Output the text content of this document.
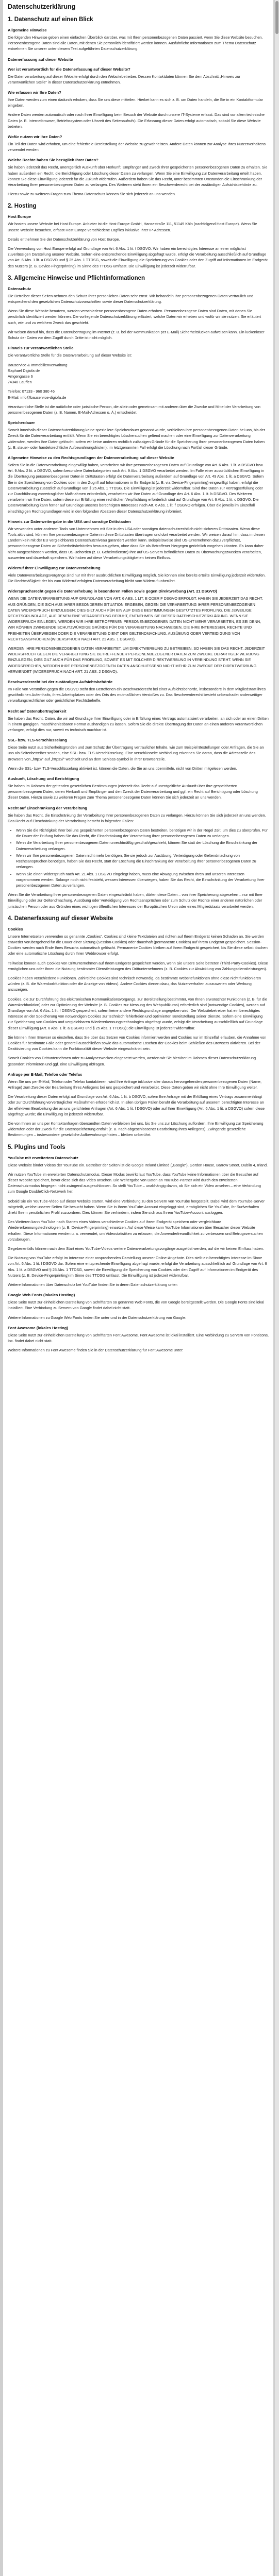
Datenschutzerklärung
1. Datenschutz auf einen Blick
Allgemeine Hinweise
Die folgenden Hinweise geben einen einfachen Überblick darüber, was mit Ihren personenbezogenen Daten passiert, wenn Sie diese Website besuchen. Personenbezogene Daten sind alle Daten, mit denen Sie persönlich identifiziert werden können. Ausführliche Informationen zum Thema Datenschutz entnehmen Sie unserer unter diesem Text aufgeführten Datenschutzerklärung.
Datenerfassung auf dieser Website
Wer ist verantwortlich für die Datenerfassung auf dieser Website?
Die Datenverarbeitung auf dieser Website erfolgt durch den Websitebetreiber. Dessen Kontaktdaten können Sie dem Abschnitt „Hinweis zur verantwortlichen Stelle“ in dieser Datenschutzerklärung entnehmen.
Wie erfassen wir Ihre Daten?
Ihre Daten werden zum einen dadurch erhoben, dass Sie uns diese mitteilen. Hierbei kann es sich z. B. um Daten handeln, die Sie in ein Kontaktformular eingeben.
Andere Daten werden automatisch oder nach Ihrer Einwilligung beim Besuch der Website durch unsere IT-Systeme erfasst. Das sind vor allem technische Daten (z. B. Internetbrowser, Betriebssystem oder Uhrzeit des Seitenaufrufs). Die Erfassung dieser Daten erfolgt automatisch, sobald Sie diese Website betreten.
Wofür nutzen wir Ihre Daten?
Ein Teil der Daten wird erhoben, um eine fehlerfreie Bereitstellung der Website zu gewährleisten. Andere Daten können zur Analyse Ihres Nutzerverhaltens verwendet werden.
Welche Rechte haben Sie bezüglich Ihrer Daten?
Sie haben jederzeit das Recht, unentgeltlich Auskunft über Herkunft, Empfänger und Zweck Ihrer gespeicherten personenbezogenen Daten zu erhalten. Sie haben außerdem ein Recht, die Berichtigung oder Löschung dieser Daten zu verlangen. Wenn Sie eine Einwilligung zur Datenverarbeitung erteilt haben, können Sie diese Einwilligung jederzeit für die Zukunft widerrufen. Außerdem haben Sie das Recht, unter bestimmten Umständen die Einschränkung der Verarbeitung Ihrer personenbezogenen Daten zu verlangen. Des Weiteren steht Ihnen ein Beschwerderecht bei der zuständigen Aufsichtsbehörde zu.
Hierzu sowie zu weiteren Fragen zum Thema Datenschutz können Sie sich jederzeit an uns wenden.
2. Hosting
Host Europe
Wir hosten unsere Website bei Host Europe. Anbieter ist die Host Europe GmbH, Hansestraße 111, 51149 Köln (nachfolgend Host Europe). Wenn Sie unsere Website besuchen, erfasst Host Europe verschiedene Logfiles inklusive Ihrer IP-Adressen.
Details entnehmen Sie der Datenschutzerklärung von Host Europe.
Die Verwendung von Host Europe erfolgt auf Grundlage von Art. 6 Abs. 1 lit. f DSGVO. Wir haben ein berechtigtes Interesse an einer möglichst zuverlässigen Darstellung unserer Website. Sofern eine entsprechende Einwilligung abgefragt wurde, erfolgt die Verarbeitung ausschließlich auf Grundlage von Art. 6 Abs. 1 lit. a DSGVO und § 25 Abs. 1 TTDSG, soweit die Einwilligung die Speicherung von Cookies oder den Zugriff auf Informationen im Endgerät des Nutzers (z. B. Device-Fingerprinting) im Sinne des TTDSG umfasst. Die Einwilligung ist jederzeit widerrufbar.
3. Allgemeine Hinweise und Pflichtinformationen
Datenschutz
Die Betreiber dieser Seiten nehmen den Schutz Ihrer persönlichen Daten sehr ernst. Wir behandeln Ihre personenbezogenen Daten vertraulich und entsprechend den gesetzlichen Datenschutzvorschriften sowie dieser Datenschutzerklärung.
Wenn Sie diese Website benutzen, werden verschiedene personenbezogene Daten erhoben. Personenbezogene Daten sind Daten, mit denen Sie persönlich identifiziert werden können. Die vorliegende Datenschutzerklärung erläutert, welche Daten wir erheben und wofür wir sie nutzen. Sie erläutert auch, wie und zu welchem Zweck das geschieht.
Wir weisen darauf hin, dass die Datenübertragung im Internet (z. B. bei der Kommunikation per E-Mail) Sicherheitslücken aufweisen kann. Ein lückenloser Schutz der Daten vor dem Zugriff durch Dritte ist nicht möglich.
Hinweis zur verantwortlichen Stelle
Die verantwortliche Stelle für die Datenverarbeitung auf dieser Website ist:
Bauservice & Immobilienverwaltung
Raphael Digiofa de
Amgengasse 6
74348 Lauffen
Telefon: 07133 - 960 380 46
E-Mail: info@bauservice-digiofa.de
Verantwortliche Stelle ist die natürliche oder juristische Person, die allein oder gemeinsam mit anderen über die Zwecke und Mittel der Verarbeitung von personenbezogenen Daten (z. B. Namen, E-Mail-Adressen o. Ä.) entscheidet.
Speicherdauer
Soweit innerhalb dieser Datenschutzerklärung keine speziellere Speicherdauer genannt wurde, verbleiben Ihre personenbezogenen Daten bei uns, bis der Zweck für die Datenverarbeitung entfällt. Wenn Sie ein berechtigtes Löschersuchen geltend machen oder eine Einwilligung zur Datenverarbeitung widerrufen, werden Ihre Daten gelöscht, sofern wir keine anderen rechtlich zulässigen Gründe für die Speicherung Ihrer personenbezogenen Daten haben (z. B. steuer- oder handelsrechtliche Aufbewahrungsfristen); im letztgenannten Fall erfolgt die Löschung nach Fortfall dieser Gründe.
Allgemeine Hinweise zu den Rechtsgrundlagen der Datenverarbeitung auf dieser Website
Sofern Sie in die Datenverarbeitung eingewilligt haben, verarbeiten wir Ihre personenbezogenen Daten auf Grundlage von Art. 6 Abs. 1 lit. a DSGVO bzw. Art. 9 Abs. 2 lit. a DSGVO, sofern besondere Datenkategorien nach Art. 9 Abs. 1 DSGVO verarbeitet werden. Im Falle einer ausdrücklichen Einwilligung in die Übertragung personenbezogener Daten in Drittstaaten erfolgt die Datenverarbeitung außerdem auf Grundlage von Art. 49 Abs. 1 lit. a DSGVO. Sofern Sie in die Speicherung von Cookies oder in den Zugriff auf Informationen in Ihr Endgerät (z. B. via Device-Fingerprinting) eingewilligt haben, erfolgt die Datenverarbeitung zusätzlich auf Grundlage von § 25 Abs. 1 TTDSG. Die Einwilligung ist jederzeit widerrufbar. Sind Ihre Daten zur Vertragserfüllung oder zur Durchführung vorvertraglicher Maßnahmen erforderlich, verarbeiten wir Ihre Daten auf Grundlage des Art. 6 Abs. 1 lit. b DSGVO. Des Weiteren verarbeiten wir Ihre Daten, sofern diese zur Erfüllung einer rechtlichen Verpflichtung erforderlich sind auf Grundlage von Art. 6 Abs. 1 lit. c DSGVO. Die Datenverarbeitung kann ferner auf Grundlage unseres berechtigten Interesses nach Art. 6 Abs. 1 lit. f DSGVO erfolgen. Über die jeweils im Einzelfall einschlägigen Rechtsgrundlagen wird in den folgenden Absätzen dieser Datenschutzerklärung informiert.
Hinweis zur Datenweitergabe in die USA und sonstige Drittstaaten
Wir verwenden unter anderem Tools von Unternehmen mit Sitz in den USA oder sonstigen datenschutzrechtlich nicht sicheren Drittstaaten. Wenn diese Tools aktiv sind, können Ihre personenbezogene Daten in diese Drittstaaten übertragen und dort verarbeitet werden. Wir weisen darauf hin, dass in diesen Ländern kein mit der EU vergleichbares Datenschutzniveau garantiert werden kann. Beispielsweise sind US-Unternehmen dazu verpflichtet, personenbezogene Daten an Sicherheitsbehörden herauszugeben, ohne dass Sie als Betroffener hiergegen gerichtlich vorgehen könnten. Es kann daher nicht ausgeschlossen werden, dass US-Behörden (z. B. Geheimdienste) Ihre auf US-Servern befindlichen Daten zu Überwachungszwecken verarbeiten, auswerten und dauerhaft speichern. Wir haben auf diese Verarbeitungstätigkeiten keinen Einfluss.
Widerruf Ihrer Einwilligung zur Datenverarbeitung
Viele Datenverarbeitungsvorgänge sind nur mit Ihrer ausdrücklichen Einwilligung möglich. Sie können eine bereits erteilte Einwilligung jederzeit widerrufen. Die Rechtmäßigkeit der bis zum Widerruf erfolgten Datenverarbeitung bleibt vom Widerruf unberührt.
Widerspruchsrecht gegen die Datenerhebung in besonderen Fällen sowie gegen Direktwerbung (Art. 21 DSGVO)
WENN DIE DATENVERARBEITUNG AUF GRUNDLAGE VON ART. 6 ABS. 1 LIT. E ODER F DSGVO ERFOLGT, HABEN SIE JEDERZEIT DAS RECHT, AUS GRÜNDEN, DIE SICH AUS IHRER BESONDEREN SITUATION ERGEBEN, GEGEN DIE VERARBEITUNG IHRER PERSONENBEZOGENEN DATEN WIDERSPRUCH EINZULEGEN; DIES GILT AUCH FÜR EIN AUF DIESE BESTIMMUNGEN GESTÜTZTES PROFILING. DIE JEWEILIGE RECHTSGRUNDLAGE, AUF DENEN EINE VERARBEITUNG BERUHT, ENTNEHMEN SIE DIESER DATENSCHUTZERKLÄRUNG. WENN SIE WIDERSPRUCH EINLEGEN, WERDEN WIR IHRE BETROFFENEN PERSONENBEZOGENEN DATEN NICHT MEHR VERARBEITEN, ES SEI DENN, WIR KÖNNEN ZWINGENDE SCHUTZWÜRDIGE GRÜNDE FÜR DIE VERARBEITUNG NACHWEISEN, DIE IHRE INTERESSEN, RECHTE UND FREIHEITEN ÜBERWIEGEN ODER DIE VERARBEITUNG DIENT DER GELTENDMACHUNG, AUSÜBUNG ODER VERTEIDIGUNG VON RECHTSANSPRÜCHEN (WIDERSPRUCH NACH ART. 21 ABS. 1 DSGVO).
WERDEN IHRE PERSONENBEZOGENEN DATEN VERARBEITET, UM DIREKTWERBUNG ZU BETREIBEN, SO HABEN SIE DAS RECHT, JEDERZEIT WIDERSPRUCH GEGEN DIE VERARBEITUNG SIE BETREFFENDER PERSONENBEZOGENER DATEN ZUM ZWECKE DERARTIGER WERBUNG EINZULEGEN; DIES GILT AUCH FÜR DAS PROFILING, SOWEIT ES MIT SOLCHER DIREKTWERBUNG IN VERBINDUNG STEHT. WENN SIE WIDERSPRECHEN, WERDEN IHRE PERSONENBEZOGENEN DATEN ANSCHLIESSEND NICHT MEHR ZUM ZWECKE DER DIREKTWERBUNG VERWENDET (WIDERSPRUCH NACH ART. 21 ABS. 2 DSGVO).
Beschwerderecht bei der zuständigen Aufsichtsbehörde
Im Falle von Verstößen gegen die DSGVO steht den Betroffenen ein Beschwerderecht bei einer Aufsichtsbehörde, insbesondere in dem Mitgliedstaat ihres gewöhnlichen Aufenthalts, ihres Arbeitsplatzes oder des Orts des mutmaßlichen Verstoßes zu. Das Beschwerderecht besteht unbeschadet anderweitiger verwaltungsrechtlicher oder gerichtlicher Rechtsbehelfe.
Recht auf Datenübertragbarkeit
Sie haben das Recht, Daten, die wir auf Grundlage Ihrer Einwilligung oder in Erfüllung eines Vertrags automatisiert verarbeiten, an sich oder an einen Dritten in einem gängigen, maschinenlesbaren Format aushändigen zu lassen. Sofern Sie die direkte Übertragung der Daten an einen anderen Verantwortlichen verlangen, erfolgt dies nur, soweit es technisch machbar ist.
SSL- bzw. TLS-Verschlüsselung
Diese Seite nutzt aus Sicherheitsgründen und zum Schutz der Übertragung vertraulicher Inhalte, wie zum Beispiel Bestellungen oder Anfragen, die Sie an uns als Seitenbetreiber senden, eine SSL- bzw. TLS-Verschlüsselung. Eine verschlüsselte Verbindung erkennen Sie daran, dass die Adresszeile des Browsers von „http://“ auf „https://“ wechselt und an dem Schloss-Symbol in Ihrer Browserzeile.
Wenn die SSL- bzw. TLS-Verschlüsselung aktiviert ist, können die Daten, die Sie an uns übermitteln, nicht von Dritten mitgelesen werden.
Auskunft, Löschung und Berichtigung
Sie haben im Rahmen der geltenden gesetzlichen Bestimmungen jederzeit das Recht auf unentgeltliche Auskunft über Ihre gespeicherten personenbezogenen Daten, deren Herkunft und Empfänger und den Zweck der Datenverarbeitung und ggf. ein Recht auf Berichtigung oder Löschung dieser Daten. Hierzu sowie zu weiteren Fragen zum Thema personenbezogene Daten können Sie sich jederzeit an uns wenden.
Recht auf Einschränkung der Verarbeitung
Sie haben das Recht, die Einschränkung der Verarbeitung Ihrer personenbezogenen Daten zu verlangen. Hierzu können Sie sich jederzeit an uns wenden. Das Recht auf Einschränkung der Verarbeitung besteht in folgenden Fällen:
• Wenn Sie die Richtigkeit Ihrer bei uns gespeicherten personenbezogenen Daten bestreiten, benötigen wir in der Regel Zeit, um dies zu überprüfen. Für die Dauer der Prüfung haben Sie das Recht, die Einschränkung der Verarbeitung Ihrer personenbezogenen Daten zu verlangen.
• Wenn die Verarbeitung Ihrer personenbezogenen Daten unrechtmäßig geschah/geschieht, können Sie statt der Löschung die Einschränkung der Datenverarbeitung verlangen.
• Wenn wir Ihre personenbezogenen Daten nicht mehr benötigen, Sie sie jedoch zur Ausübung, Verteidigung oder Geltendmachung von Rechtsansprüchen benötigen, haben Sie das Recht, statt der Löschung die Einschränkung der Verarbeitung Ihrer personenbezogenen Daten zu verlangen.
• Wenn Sie einen Widerspruch nach Art. 21 Abs. 1 DSGVO eingelegt haben, muss eine Abwägung zwischen Ihren und unseren Interessen vorgenommen werden. Solange noch nicht feststeht, wessen Interessen überwiegen, haben Sie das Recht, die Einschränkung der Verarbeitung Ihrer personenbezogenen Daten zu verlangen.
Wenn Sie die Verarbeitung Ihrer personenbezogenen Daten eingeschränkt haben, dürfen diese Daten – von ihrer Speicherung abgesehen – nur mit Ihrer Einwilligung oder zur Geltendmachung, Ausübung oder Verteidigung von Rechtsansprüchen oder zum Schutz der Rechte einer anderen natürlichen oder juristischen Person oder aus Gründen eines wichtigen öffentlichen Interesses der Europäischen Union oder eines Mitgliedstaats verarbeitet werden.
4. Datenerfassung auf dieser Website
Cookies
Unsere Internetseiten verwenden so genannte „Cookies“. Cookies sind kleine Textdateien und richten auf Ihrem Endgerät keinen Schaden an. Sie werden entweder vorübergehend für die Dauer einer Sitzung (Session-Cookies) oder dauerhaft (permanente Cookies) auf Ihrem Endgerät gespeichert. Session-Cookies werden nach Ende Ihres Besuchs automatisch gelöscht. Permanente Cookies bleiben auf Ihrem Endgerät gespeichert, bis Sie diese selbst löschen oder eine automatische Löschung durch Ihren Webbrowser erfolgt.
Teilweise können auch Cookies von Drittunternehmen auf Ihrem Endgerät gespeichert werden, wenn Sie unsere Seite betreten (Third-Party-Cookies). Diese ermöglichen uns oder Ihnen die Nutzung bestimmter Dienstleistungen des Drittunternehmens (z. B. Cookies zur Abwicklung von Zahlungsdienstleistungen).
Cookies haben verschiedene Funktionen. Zahlreiche Cookies sind technisch notwendig, da bestimmte Websitefunktionen ohne diese nicht funktionieren würden (z. B. die Warenkorbfunktion oder die Anzeige von Videos). Andere Cookies dienen dazu, das Nutzerverhalten auszuwerten oder Werbung anzuzeigen.
Cookies, die zur Durchführung des elektronischen Kommunikationsvorgangs, zur Bereitstellung bestimmter, von Ihnen erwünschter Funktionen (z. B. für die Warenkorbfunktion) oder zur Optimierung der Website (z. B. Cookies zur Messung des Webpublikums) erforderlich sind (notwendige Cookies), werden auf Grundlage von Art. 6 Abs. 1 lit. f DSGVO gespeichert, sofern keine andere Rechtsgrundlage angegeben wird. Der Websitebetreiber hat ein berechtigtes Interesse an der Speicherung von notwendigen Cookies zur technisch fehlerfreien und optimierten Bereitstellung seiner Dienste. Sofern eine Einwilligung zur Speicherung von Cookies und vergleichbaren Wiedererkennungstechnologien abgefragt wurde, erfolgt die Verarbeitung ausschließlich auf Grundlage dieser Einwilligung (Art. 6 Abs. 1 lit. a DSGVO und § 25 Abs. 1 TTDSG); die Einwilligung ist jederzeit widerrufbar.
Sie können Ihren Browser so einstellen, dass Sie über das Setzen von Cookies informiert werden und Cookies nur im Einzelfall erlauben, die Annahme von Cookies für bestimmte Fälle oder generell ausschließen sowie das automatische Löschen der Cookies beim Schließen des Browsers aktivieren. Bei der Deaktivierung von Cookies kann die Funktionalität dieser Website eingeschränkt sein.
Soweit Cookies von Drittunternehmen oder zu Analysezwecken eingesetzt werden, werden wir Sie hierüber im Rahmen dieser Datenschutzerklärung gesondert informieren und ggf. eine Einwilligung abfragen.
Anfrage per E-Mail, Telefon oder Telefax
Wenn Sie uns per E-Mail, Telefon oder Telefax kontaktieren, wird Ihre Anfrage inklusive aller daraus hervorgehenden personenbezogenen Daten (Name, Anfrage) zum Zwecke der Bearbeitung Ihres Anliegens bei uns gespeichert und verarbeitet. Diese Daten geben wir nicht ohne Ihre Einwilligung weiter.
Die Verarbeitung dieser Daten erfolgt auf Grundlage von Art. 6 Abs. 1 lit. b DSGVO, sofern Ihre Anfrage mit der Erfüllung eines Vertrags zusammenhängt oder zur Durchführung vorvertraglicher Maßnahmen erforderlich ist. In allen übrigen Fällen beruht die Verarbeitung auf unserem berechtigten Interesse an der effektiven Bearbeitung der an uns gerichteten Anfragen (Art. 6 Abs. 1 lit. f DSGVO) oder auf Ihrer Einwilligung (Art. 6 Abs. 1 lit. a DSGVO) sofern diese abgefragt wurde; die Einwilligung ist jederzeit widerrufbar.
Die von Ihnen an uns per Kontaktanfragen übersandten Daten verbleiben bei uns, bis Sie uns zur Löschung auffordern, Ihre Einwilligung zur Speicherung widerrufen oder der Zweck für die Datenspeicherung entfällt (z. B. nach abgeschlossener Bearbeitung Ihres Anliegens). Zwingende gesetzliche Bestimmungen – insbesondere gesetzliche Aufbewahrungsfristen – bleiben unberührt.
5. Plugins und Tools
YouTube mit erweitertem Datenschutz
Diese Website bindet Videos der YouTube ein. Betreiber der Seiten ist die Google Ireland Limited („Google“), Gordon House, Barrow Street, Dublin 4, Irland.
Wir nutzen YouTube im erweiterten Datenschutzmodus. Dieser Modus bewirkt laut YouTube, dass YouTube keine Informationen über die Besucher auf dieser Website speichert, bevor diese sich das Video ansehen. Die Weitergabe von Daten an YouTube-Partner wird durch den erweiterten Datenschutzmodus hingegen nicht zwingend ausgeschlossen. So stellt YouTube – unabhängig davon, ob Sie sich ein Video ansehen – eine Verbindung zum Google DoubleClick-Netzwerk her.
Sobald Sie ein YouTube-Video auf dieser Website starten, wird eine Verbindung zu den Servern von YouTube hergestellt. Dabei wird dem YouTube-Server mitgeteilt, welche unserer Seiten Sie besucht haben. Wenn Sie in Ihrem YouTube-Account eingeloggt sind, ermöglichen Sie YouTube, Ihr Surfverhalten direkt Ihrem persönlichen Profil zuzuordnen. Dies können Sie verhindern, indem Sie sich aus Ihrem YouTube-Account ausloggen.
Des Weiteren kann YouTube nach Starten eines Videos verschiedene Cookies auf Ihrem Endgerät speichern oder vergleichbare Wiedererkennungstechnologien (z. B. Device-Fingerprinting) einsetzen. Auf diese Weise kann YouTube Informationen über Besucher dieser Website erhalten. Diese Informationen werden u. a. verwendet, um Videostatistiken zu erfassen, die Anwenderfreundlichkeit zu verbessern und Betrugsversuchen vorzubeugen.
Gegebenenfalls können nach dem Start eines YouTube-Videos weitere Datenverarbeitungsvorgänge ausgelöst werden, auf die wir keinen Einfluss haben.
Die Nutzung von YouTube erfolgt im Interesse einer ansprechenden Darstellung unserer Online-Angebote. Dies stellt ein berechtigtes Interesse im Sinne von Art. 6 Abs. 1 lit. f DSGVO dar. Sofern eine entsprechende Einwilligung abgefragt wurde, erfolgt die Verarbeitung ausschließlich auf Grundlage von Art. 6 Abs. 1 lit. a DSGVO und § 25 Abs. 1 TTDSG, soweit die Einwilligung die Speicherung von Cookies oder den Zugriff auf Informationen im Endgerät des Nutzers (z. B. Device-Fingerprinting) im Sinne des TTDSG umfasst. Die Einwilligung ist jederzeit widerrufbar.
Weitere Informationen über Datenschutz bei YouTube finden Sie in deren Datenschutzerklärung unter:
Google Web Fonts (lokales Hosting)
Diese Seite nutzt zur einheitlichen Darstellung von Schriftarten so genannte Web Fonts, die von Google bereitgestellt werden. Die Google Fonts sind lokal installiert. Eine Verbindung zu Servern von Google findet dabei nicht statt.
Weitere Informationen zu Google Web Fonts finden Sie unter und in der Datenschutzerklärung von Google:
Font Awesome (lokales Hosting)
Diese Seite nutzt zur einheitlichen Darstellung von Schriftarten Font Awesome. Font Awesome ist lokal installiert. Eine Verbindung zu Servern von Fonticons, Inc. findet dabei nicht statt.
Weitere Informationen zu Font Awesome finden Sie in der Datenschutzerklärung für Font Awesome unter:
